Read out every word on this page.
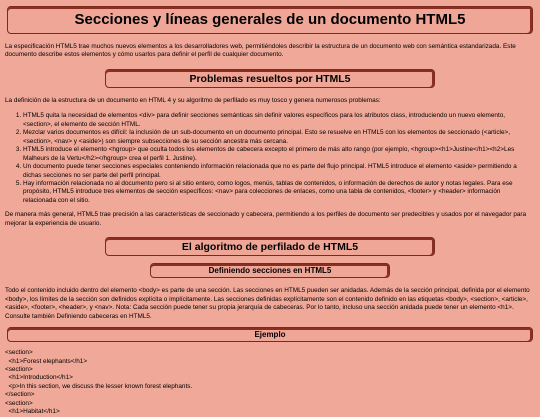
Secciones y líneas generales de un documento HTML5

La especificación HTML5 trae muchos nuevos elementos a los desarrolladores web, permitiéndoles describir la estructura de un documento web con semántica estandarizada. Este documento describe estos elementos y cómo usarlos para definir el perfil de cualquier documento.

Problemas resueltos por HTML5

La definición de la estructura de un documento en HTML 4 y su algoritmo de perfilado es muy tosco y genera numerosos problemas:

1. HTML5 quita la necesidad de elementos <div> para definir secciones semánticas sin definir valores específicos para los atributos class, introduciendo un nuevo elemento, <section>, el elemento de sección HTML.
2. Mezclar varios documentos es difícil: la inclusión de un sub-documento en un documento principal. Esto se resuelve en HTML5 con los elementos de seccionado (<article>, <section>, <nav> y <aside>) son siempre subsecciones de su sección ancestra más cercana.
3. HTML5 introduce el elemento <hgroup> que oculta todos los elementos de cabecera excepto el primero de más alto rango (por ejemplo, <hgroup><h1>Justine</h1><h2>Les Malheurs de la Vertu</h2></hgroup> crea el perfil 1. Justine).
4. Un documento puede tener secciones especiales conteniendo información relacionada que no es parte del flujo principal. HTML5 introduce el elemento <aside> permitiendo a dichas secciones no ser parte del perfil principal.
5. Hay información relacionada no al documento pero si al sitio entero, como logos, menús, tablas de contenidos, o información de derechos de autor y notas legales. Para ese propósito, HTML5 introduce tres elementos de sección específicos: <nav> para colecciones de enlaces, como una tabla de contenidos, <footer> y <header> información relacionada con el sitio.

De manera más general, HTML5 trae precisión a las características de seccionado y cabecera, permitiendo a los perfiles de documento ser predecibles y usados por el navegador para mejorar la experiencia de usuario.

El algoritmo de perfilado de HTML5
Definiendo secciones en HTML5

Todo el contenido incluido dentro del elemento <body> es parte de una sección. Las secciones en HTML5 pueden ser anidadas. Además de la sección principal, definida por el elemento <body>, los límites de la sección son definidos explícita o implícitamente. Las secciones definidas explícitamente son el contenido definido en las etiquetas <body>, <section>, <article>, <aside>, <footer>, <header>, y <nav>. Nota: Cada sección puede tener su propia jerarquía de cabeceras. Por lo tanto, incluso una sección anidada puede tener un elemento <h1>. Consulte también Definiendo cabeceras en HTML5.

Ejemplo
<section>
<h1>Forest elephants</h1>
<section>
<h1>Introduction</h1>
<p>In this section, we discuss the lesser known forest elephants.
</section>
<section>
<h1>Habitat</h1>
